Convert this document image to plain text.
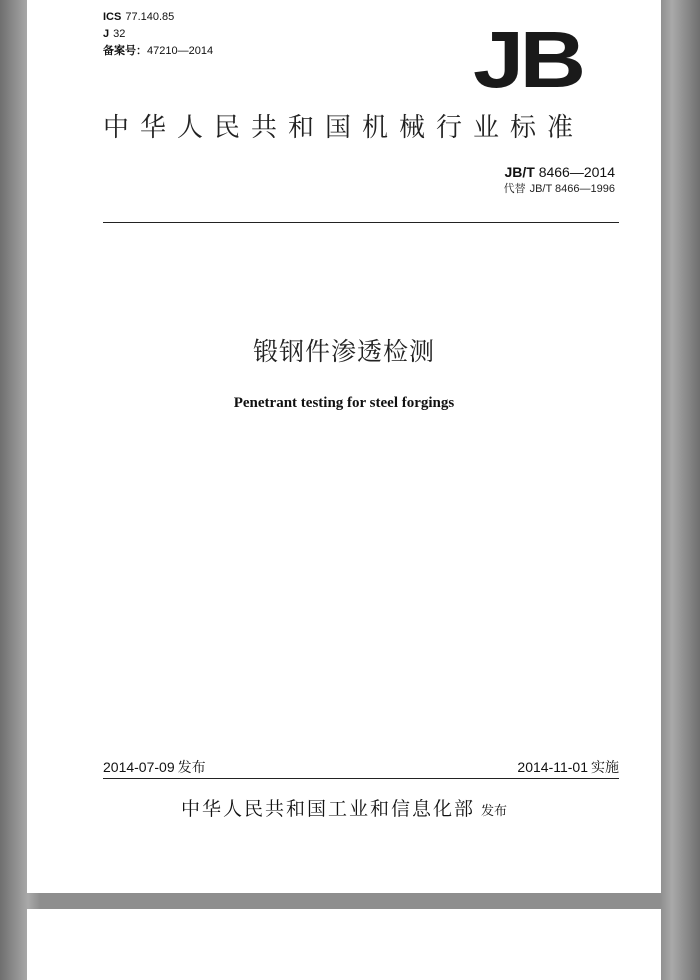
ICS 77.140.85
J 32
备案号： 47210—2014	JB
中华人民共和国机械行业标准
JB/T 8466—2014
代替 JB/T 8466—1996
锻钢件渗透检测
Penetrant testing for steel forgings
2014-07-09 发布	2014-11-01 实施
中华人民共和国工业和信息化部 发布
